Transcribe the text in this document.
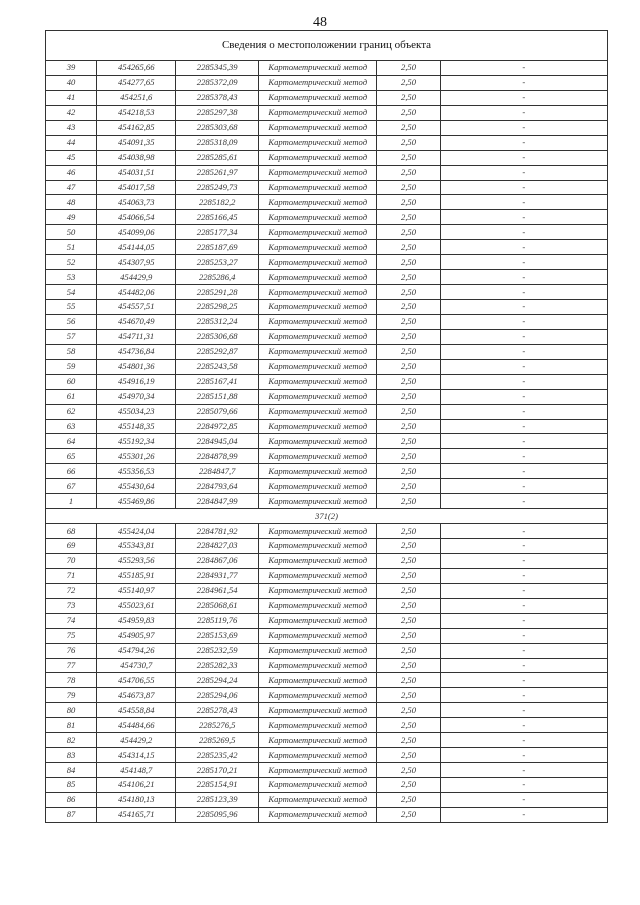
48
Сведения о местоположении границ объекта					
39	454265,66	2285345,39	Картометрический метод	2,50	-
40	454277,65	2285372,09	Картометрический метод	2,50	-
41	454251,6	2285378,43	Картометрический метод	2,50	-
42	454218,53	2285297,38	Картометрический метод	2,50	-
43	454162,85	2285303,68	Картометрический метод	2,50	-
44	454091,35	2285318,09	Картометрический метод	2,50	-
45	454038,98	2285285,61	Картометрический метод	2,50	-
46	454031,51	2285261,97	Картометрический метод	2,50	-
47	454017,58	2285249,73	Картометрический метод	2,50	-
48	454063,73	2285182,2	Картометрический метод	2,50	-
49	454066,54	2285166,45	Картометрический метод	2,50	-
50	454099,06	2285177,34	Картометрический метод	2,50	-
51	454144,05	2285187,69	Картометрический метод	2,50	-
52	454307,95	2285253,27	Картометрический метод	2,50	-
53	454429,9	2285286,4	Картометрический метод	2,50	-
54	454482,06	2285291,28	Картометрический метод	2,50	-
55	454557,51	2285298,25	Картометрический метод	2,50	-
56	454670,49	2285312,24	Картометрический метод	2,50	-
57	454711,31	2285306,68	Картометрический метод	2,50	-
58	454736,84	2285292,87	Картометрический метод	2,50	-
59	454801,36	2285243,58	Картометрический метод	2,50	-
60	454916,19	2285167,41	Картометрический метод	2,50	-
61	454970,34	2285151,88	Картометрический метод	2,50	-
62	455034,23	2285079,66	Картометрический метод	2,50	-
63	455148,35	2284972,85	Картометрический метод	2,50	-
64	455192,34	2284945,04	Картометрический метод	2,50	-
65	455301,26	2284878,99	Картометрический метод	2,50	-
66	455356,53	2284847,7	Картометрический метод	2,50	-
67	455430,64	2284793,64	Картометрический метод	2,50	-
1	455469,86	2284847,99	Картометрический метод	2,50	-
371(2)					
68	455424,04	2284781,92	Картометрический метод	2,50	-
69	455343,81	2284827,03	Картометрический метод	2,50	-
70	455293,56	2284867,06	Картометрический метод	2,50	-
71	455185,91	2284931,77	Картометрический метод	2,50	-
72	455140,97	2284961,54	Картометрический метод	2,50	-
73	455023,61	2285068,61	Картометрический метод	2,50	-
74	454959,83	2285119,76	Картометрический метод	2,50	-
75	454905,97	2285153,69	Картометрический метод	2,50	-
76	454794,26	2285232,59	Картометрический метод	2,50	-
77	454730,7	2285282,33	Картометрический метод	2,50	-
78	454706,55	2285294,24	Картометрический метод	2,50	-
79	454673,87	2285294,06	Картометрический метод	2,50	-
80	454558,84	2285278,43	Картометрический метод	2,50	-
81	454484,66	2285276,5	Картометрический метод	2,50	-
82	454429,2	2285269,5	Картометрический метод	2,50	-
83	454314,15	2285235,42	Картометрический метод	2,50	-
84	454148,7	2285170,21	Картометрический метод	2,50	-
85	454106,21	2285154,91	Картометрический метод	2,50	-
86	454180,13	2285123,39	Картометрический метод	2,50	-
87	454165,71	2285095,96	Картометрический метод	2,50	-
